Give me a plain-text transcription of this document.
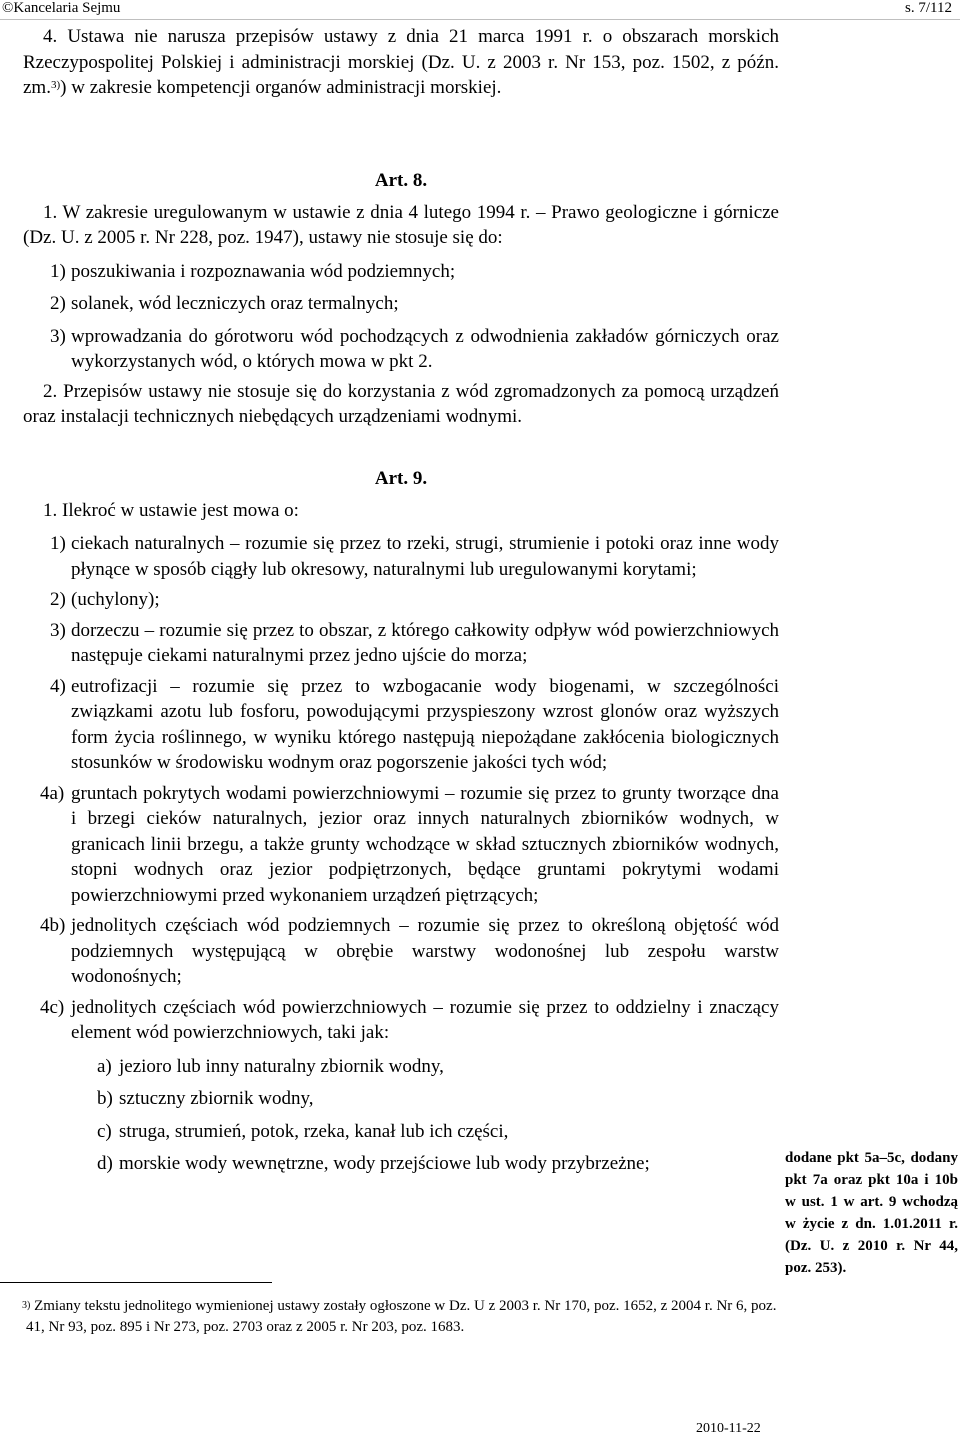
©Kancelaria Sejmu	s. 7/112

4. Ustawa nie narusza przepisów ustawy z dnia 21 marca 1991 r. o obszarach morskich Rzeczypospolitej Polskiej i administracji morskiej (Dz. U. z 2003 r. Nr 153, poz. 1502, z późn. zm.$^{3)}$) w zakresie kompetencji organów administracji morskiej.

Art. 8.

1. W zakresie uregulowanym w ustawie z dnia 4 lutego 1994 r. – Prawo geologiczne i górnicze (Dz. U. z 2005 r. Nr 228, poz. 1947), ustawy nie stosuje się do:

1) poszukiwania i rozpoznawania wód podziemnych;

2) solanek, wód leczniczych oraz termalnych;

3) wprowadzania do górotworu wód pochodzących z odwodnienia zakładów górniczych oraz wykorzystanych wód, o których mowa w pkt 2.

2. Przepisów ustawy nie stosuje się do korzystania z wód zgromadzonych za pomocą urządzeń oraz instalacji technicznych niebędących urządzeniami wodnymi.

Art. 9.

1. Ilekroć w ustawie jest mowa o:

1) ciekach naturalnych – rozumie się przez to rzeki, strugi, strumienie i potoki oraz inne wody płynące w sposób ciągły lub okresowy, naturalnymi lub uregulowanymi korytami;

2) (uchylony);

3) dorzeczu – rozumie się przez to obszar, z którego całkowity odpływ wód powierzchniowych następuje ciekami naturalnymi przez jedno ujście do morza;

4) eutrofizacji – rozumie się przez to wzbogacanie wody biogenami, w szczególności związkami azotu lub fosforu, powodującymi przyspieszony wzrost glonów oraz wyższych form życia roślinnego, w wyniku którego następują niepożądane zakłócenia biologicznych stosunków w środowisku wodnym oraz pogorszenie jakości tych wód;

4a) gruntach pokrytych wodami powierzchniowymi – rozumie się przez to grunty tworzące dna i brzegi cieków naturalnych, jezior oraz innych naturalnych zbiorników wodnych, w granicach linii brzegu, a także grunty wchodzące w skład sztucznych zbiorników wodnych, stopni wodnych oraz jezior podpiętrzonych, będące gruntami pokrytymi wodami powierzchniowymi przed wykonaniem urządzeń piętrzących;

4b) jednolitych częściach wód podziemnych – rozumie się przez to określoną objętość wód podziemnych występującą w obrębie warstwy wodonośnej lub zespołu warstw wodonośnych;

4c) jednolitych częściach wód powierzchniowych – rozumie się przez to oddzielny i znaczący element wód powierzchniowych, taki jak:

a) jezioro lub inny naturalny zbiornik wodny,

b) sztuczny zbiornik wodny,

c) struga, strumień, potok, rzeka, kanał lub ich części,

d) morskie wody wewnętrzne, wody przejściowe lub wody przybrzeżne;	dodane pkt 5a–5c, dodany pkt 7a oraz pkt 10a i 10b w ust. 1 w art. 9 wchodzą w życie z dn. 1.01.2011 r. (Dz. U. z 2010 r. Nr 44, poz. 253).
$^{3)}$ Zmiany tekstu jednolitego wymienionej ustawy zostały ogłoszone w Dz. U z 2003 r. Nr 170, poz. 1652, z 2004 r. Nr 6, poz. 41, Nr 93, poz. 895 i Nr 273, poz. 2703 oraz z 2005 r. Nr 203, poz. 1683.
2010-11-22
